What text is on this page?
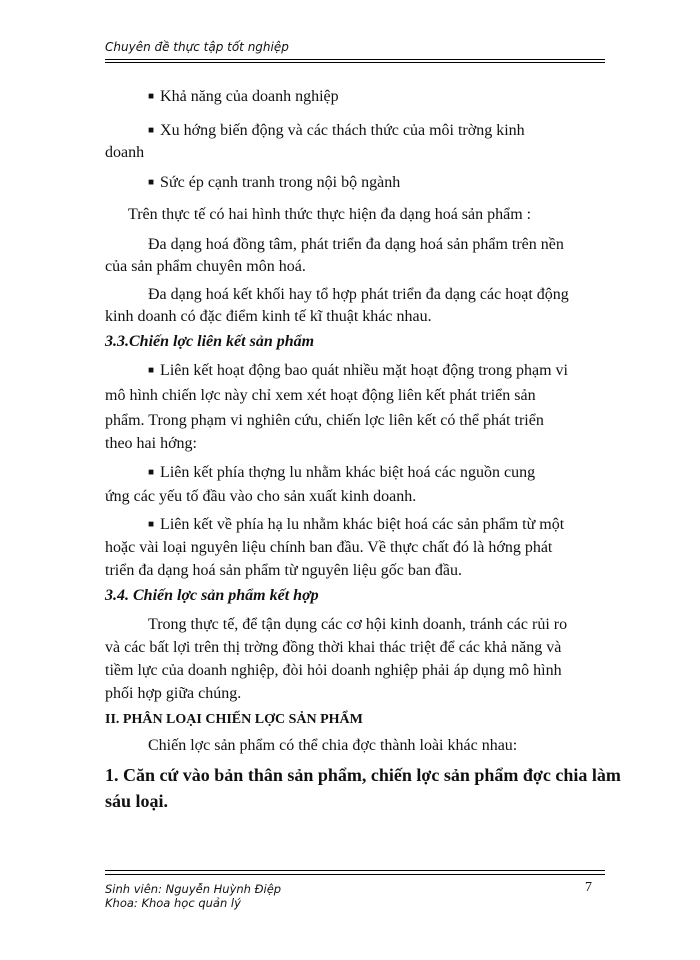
Chuyên đề thực tập tốt nghiệp
■ Khả năng của doanh nghiệp
■ Xu hớng biến động và các thách thức của môi trờng kinh
doanh
■ Sức ép cạnh tranh trong nội bộ ngành
Trên thực tế có hai hình thức thực hiện đa dạng hoá sản phẩm :
Đa dạng hoá đồng tâm, phát triển đa dạng hoá sản phẩm trên nền
của sản phẩm chuyên môn hoá.
Đa dạng hoá kết khối hay tổ hợp phát triển đa dạng các hoạt động
kinh doanh có đặc điểm kinh tế kĩ thuật khác nhau.
3.3.Chiến lợc liên kết sản phẩm
■ Liên kết hoạt động bao quát nhiều mặt hoạt động trong phạm vi
mô hình chiến lợc này chỉ xem xét hoạt động liên kết phát triển sản
phẩm. Trong phạm vi nghiên cứu, chiến lợc liên kết có thể phát triển
theo hai hớng:
■ Liên kết phía thợng lu nhằm khác biệt hoá các nguồn cung
ứng các yếu tố đầu vào cho sản xuất kinh doanh.
■ Liên kết về phía hạ lu nhằm khác biệt hoá các sản phẩm từ một
hoặc vài loại nguyên liệu chính ban đầu. Về thực chất đó là hớng phát
triển đa dạng hoá sản phẩm từ nguyên liệu gốc ban đầu.
3.4. Chiến lợc sản phẩm kết hợp
Trong thực tế, để tận dụng các cơ hội kinh doanh, tránh các rủi ro
và các bất lợi trên thị trờng đồng thời khai thác triệt để các khả năng và
tiềm lực của doanh nghiệp, đòi hỏi doanh nghiệp phải áp dụng mô hình
phối hợp giữa chúng.
II. PHÂN LOẠI CHIẾN LỢC SẢN PHẨM
Chiến lợc sản phẩm có thể chia đợc thành loài khác nhau:
1. Căn cứ vào bản thân sản phẩm, chiến lợc sản phẩm đợc chia làm
sáu loại.
Sinh viên: Nguyễn Huỳnh Điệp
Khoa: Khoa học quản lý
7
